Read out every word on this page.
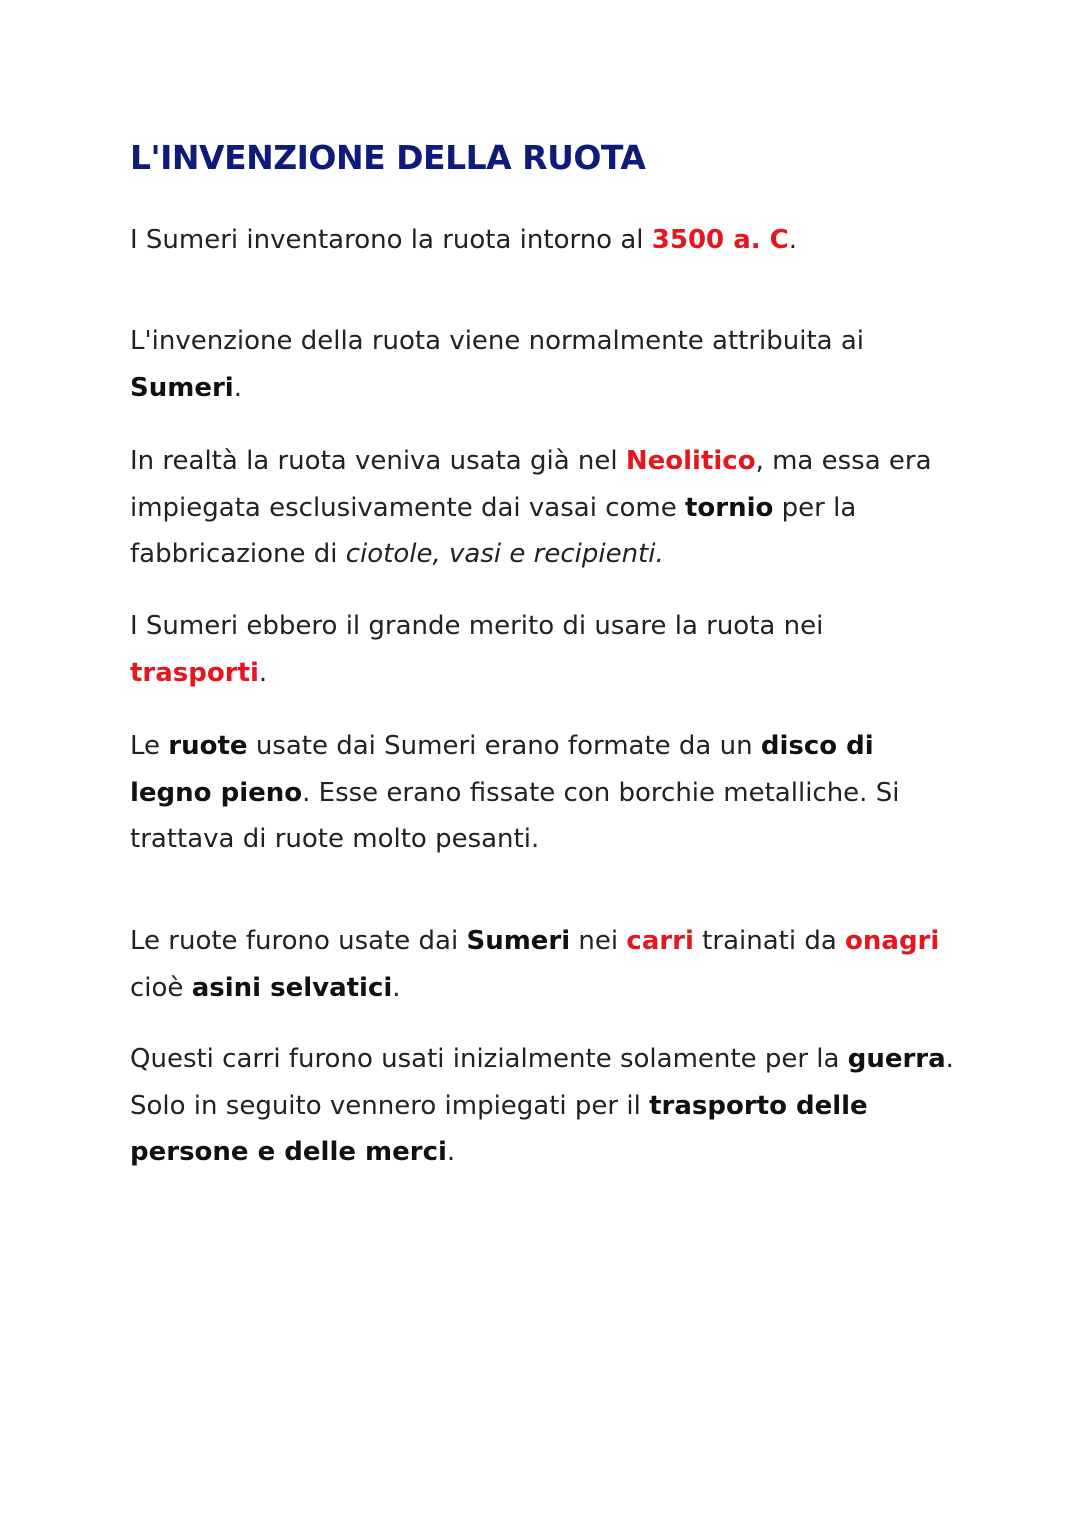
L'INVENZIONE DELLA RUOTA

I Sumeri inventarono la ruota intorno al 3500 a. C.

L'invenzione della ruota viene normalmente attribuita ai Sumeri.

In realtà la ruota veniva usata già nel Neolitico, ma essa era impiegata esclusivamente dai vasai come tornio per la fabbricazione di ciotole, vasi e recipienti.

I Sumeri ebbero il grande merito di usare la ruota nei trasporti.

Le ruote usate dai Sumeri erano formate da un disco di legno pieno. Esse erano fissate con borchie metalliche. Si trattava di ruote molto pesanti.

Le ruote furono usate dai Sumeri nei carri trainati da onagri cioè asini selvatici.

Questi carri furono usati inizialmente solamente per la guerra. Solo in seguito vennero impiegati per il trasporto delle persone e delle merci.
